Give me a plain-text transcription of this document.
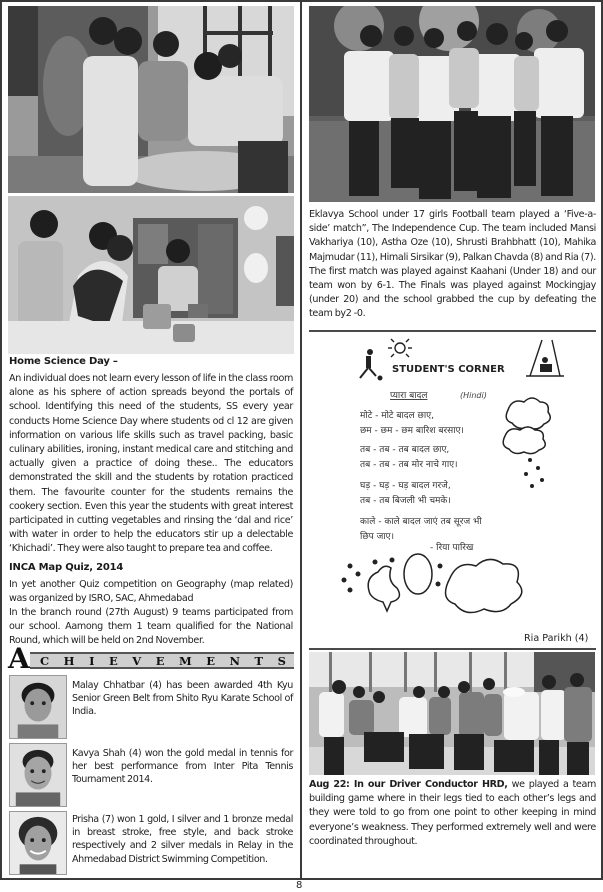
Home Science Day –
An individual does not learn every lesson of life in the class room alone as his sphere of action spreads beyond the portals of school. Identifying this need of the students, SS every year conducts Home Science Day where students od cl 12 are given information on various life skills such as travel packing, basic culinary abilities, ironing, instant medical care and stitching and actually given a practice of doing these.. The educators demonstrated the skill and the students by rotation practiced them. The favourite counter for the students remains the cookery section. Even this year the students with great interest participated in cutting vegetables and rinsing the ‘dal and rice’ with water in order to help the educators stir up a delectable ‘Khichadi’. They were also taught to prepare tea and coffee.
INCA Map Quiz, 2014
In yet another Quiz competition on Geography (map related) was organized by ISRO, SAC, Ahmedabad
In the branch round (27th August) 9 teams participated from our school. Aamong them 1 team qualified for the National Round, which will be held on 2nd November.
A C H I E V E M E N T S
Malay Chhatbar (4) has been awarded 4th Kyu Senior Green Belt from Shito Ryu Karate School of India.
Kavya Shah (4) won the gold medal in tennis for her best performance from Inter Pita Tennis Tournament 2014.
Prisha (7) won 1 gold, I silver and 1 bronze medal in breast stroke, free style, and back stroke respectively and 2 silver medals in Relay in the Ahmedabad District Swimming Competition.
Eklavya School under 17 girls Football team played a ‘Five-a-side’ match”, The Independence Cup. The team included Mansi Vakhariya (10), Astha Oze (10), Shrusti Brahbhatt (10), Mahika Majmudar (11), Himali Sirsikar (9), Palkan Chavda (8) and Ria (7). The first match was played against Kaahani (Under 18) and our team won by 6-1. The Finals was played against Mockingjay (under 20) and the school grabbed the cup by defeating the team by2 -0.
STUDENT'S CORNER
प्यारा बादल	(Hindi)
मोटे - मोटे बादल छाए,
छम - छम - छम बारिश बरसाए।
तब - तब - तब बादल छाए,
तब - तब - तब मोर नाचे गाए।
घड़ - घड़ - घड़ बादल गरजे,
तब - तब बिजली भी चमके।
काले - काले बादल जाएं तब सूरज भी
छिप जाए।
- रिया पारिख
Ria Parikh (4)
Aug 22: In our Driver Conductor HRD, we played a team building game where in their legs tied to each other’s legs and they were told to go from one point to other keeping in mind everyone’s weakness. They performed extremely well and were coordinated throughout.
8
